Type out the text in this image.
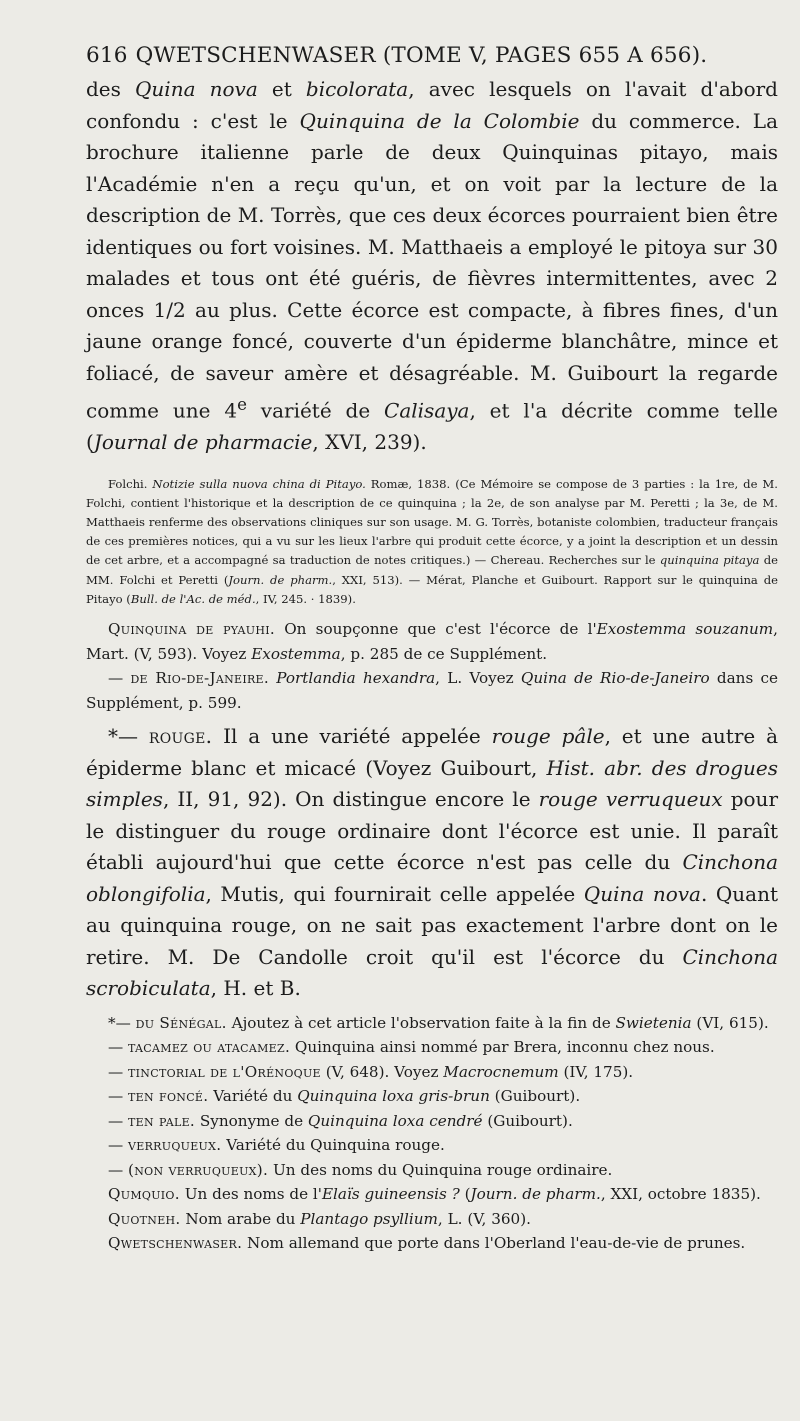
616 QWETSCHENWASER (TOME V, PAGES 655 A 656).

des Quina nova et bicolorata, avec lesquels on l'avait d'abord confondu : c'est le Quinquina de la Colombie du commerce. La brochure italienne parle de deux Quinquinas pitayo, mais l'Académie n'en a reçu qu'un, et on voit par la lecture de la description de M. Torrès, que ces deux écorces pourraient bien être identiques ou fort voisines. M. Matthaeis a employé le pitoya sur 30 malades et tous ont été guéris, de fièvres intermittentes, avec 2 onces 1/2 au plus. Cette écorce est compacte, à fibres fines, d'un jaune orange foncé, couverte d'un épiderme blanchâtre, mince et foliacé, de saveur amère et désagréable. M. Guibourt la regarde comme une 4e variété de Calisaya, et l'a décrite comme telle (Journal de pharmacie, XVI, 239).

Folchi. Notizie sulla nuova china di Pitayo. Romæ, 1838. (Ce Mémoire se compose de 3 parties : la 1re, de M. Folchi, contient l'historique et la description de ce quinquina ; la 2e, de son analyse par M. Peretti ; la 3e, de M. Matthaeis renferme des observations cliniques sur son usage. M. G. Torrès, botaniste colombien, traducteur français de ces premières notices, qui a vu sur les lieux l'arbre qui produit cette écorce, y a joint la description et un dessin de cet arbre, et a accompagné sa traduction de notes critiques.) — Chereau. Recherches sur le quinquina pitaya de MM. Folchi et Peretti (Journ. de pharm., XXI, 513). — Mérat, Planche et Guibourt. Rapport sur le quinquina de Pitayo (Bull. de l'Ac. de méd., IV, 245. · 1839).

Quinquina de pyauhi. On soupçonne que c'est l'écorce de l'Exostemma souzanum, Mart. (V, 593). Voyez Exostemma, p. 285 de ce Supplément.

— de Rio-de-Janeire. Portlandia hexandra, L. Voyez Quina de Rio-de-Janeiro dans ce Supplément, p. 599.

*— rouge. Il a une variété appelée rouge pâle, et une autre à épiderme blanc et micacé (Voyez Guibourt, Hist. abr. des drogues simples, II, 91, 92). On distingue encore le rouge verruqueux pour le distinguer du rouge ordinaire dont l'écorce est unie. Il paraît établi aujourd'hui que cette écorce n'est pas celle du Cinchona oblongifolia, Mutis, qui fournirait celle appelée Quina nova. Quant au quinquina rouge, on ne sait pas exactement l'arbre dont on le retire. M. De Candolle croit qu'il est l'écorce du Cinchona scrobiculata, H. et B.

*— du Sénégal. Ajoutez à cet article l'observation faite à la fin de Swietenia (VI, 615).

— tacamez ou atacamez. Quinquina ainsi nommé par Brera, inconnu chez nous.

— tinctorial de l'Orénoque (V, 648). Voyez Macrocnemum (IV, 175).

— ten foncé. Variété du Quinquina loxa gris-brun (Guibourt).

— ten pale. Synonyme de Quinquina loxa cendré (Guibourt).

— verruqueux. Variété du Quinquina rouge.

— (non verruqueux). Un des noms du Quinquina rouge ordinaire.

Qumquio. Un des noms de l'Elaïs guineensis ? (Journ. de pharm., XXI, octobre 1835).

Quotneh. Nom arabe du Plantago psyllium, L. (V, 360).

Qwetschenwaser. Nom allemand que porte dans l'Oberland l'eau-de-vie de prunes.
